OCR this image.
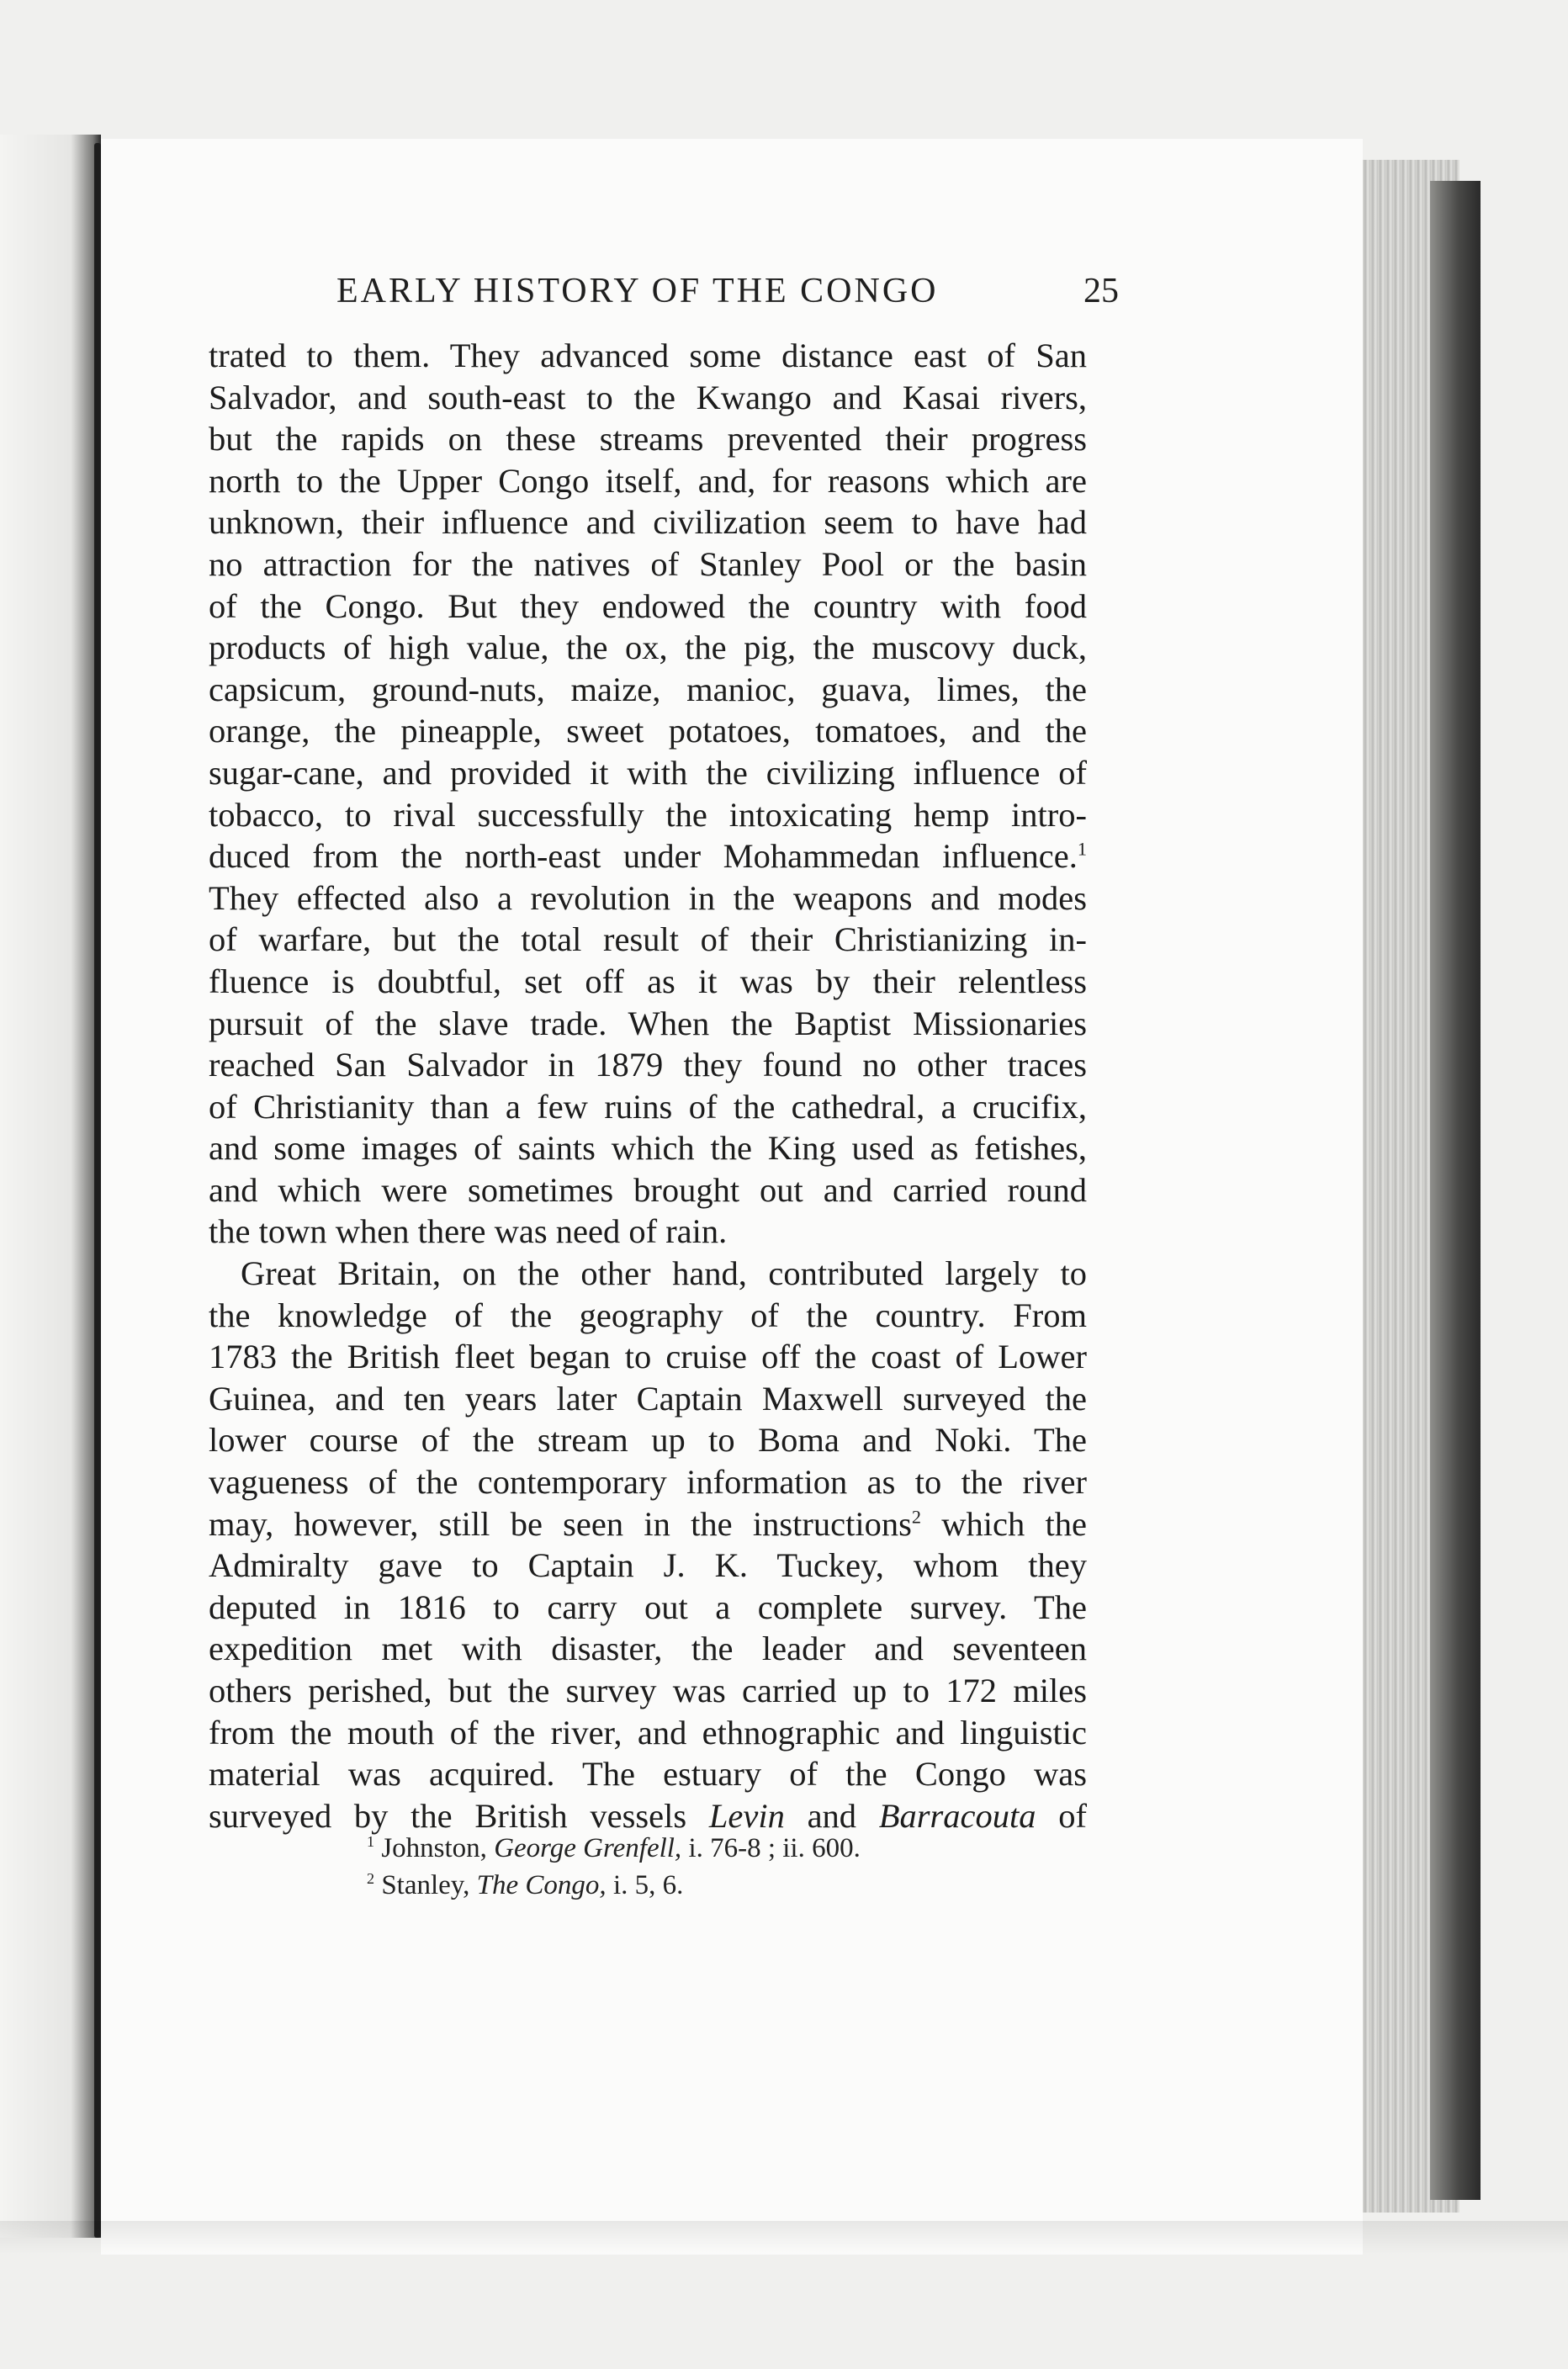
EARLY HISTORY OF THE CONGO	25
trated to them. They advanced some distance east of San
Salvador, and south-east to the Kwango and Kasai rivers,
but the rapids on these streams prevented their progress
north to the Upper Congo itself, and, for reasons which are
unknown, their influence and civilization seem to have had
no attraction for the natives of Stanley Pool or the basin
of the Congo. But they endowed the country with food
products of high value, the ox, the pig, the muscovy duck,
capsicum, ground-nuts, maize, manioc, guava, limes, the
orange, the pineapple, sweet potatoes, tomatoes, and the
sugar-cane, and provided it with the civilizing influence of
tobacco, to rival successfully the intoxicating hemp intro-
duced from the north-east under Mohammedan influence.$^1$
They effected also a revolution in the weapons and modes
of warfare, but the total result of their Christianizing in-
fluence is doubtful, set off as it was by their relentless
pursuit of the slave trade. When the Baptist Missionaries
reached San Salvador in 1879 they found no other traces
of Christianity than a few ruins of the cathedral, a crucifix,
and some images of saints which the King used as fetishes,
and which were sometimes brought out and carried round
the town when there was need of rain.
Great Britain, on the other hand, contributed largely to
the knowledge of the geography of the country. From
1783 the British fleet began to cruise off the coast of Lower
Guinea, and ten years later Captain Maxwell surveyed the
lower course of the stream up to Boma and Noki. The
vagueness of the contemporary information as to the river
may, however, still be seen in the instructions$^2$ which the
Admiralty gave to Captain J. K. Tuckey, whom they
deputed in 1816 to carry out a complete survey. The
expedition met with disaster, the leader and seventeen
others perished, but the survey was carried up to 172 miles
from the mouth of the river, and ethnographic and linguistic
material was acquired. The estuary of the Congo was
surveyed by the British vessels Levin and Barracouta of
$^1$ Johnston, George Grenfell, i. 76-8 ; ii. 600.
$^2$ Stanley, The Congo, i. 5, 6.
